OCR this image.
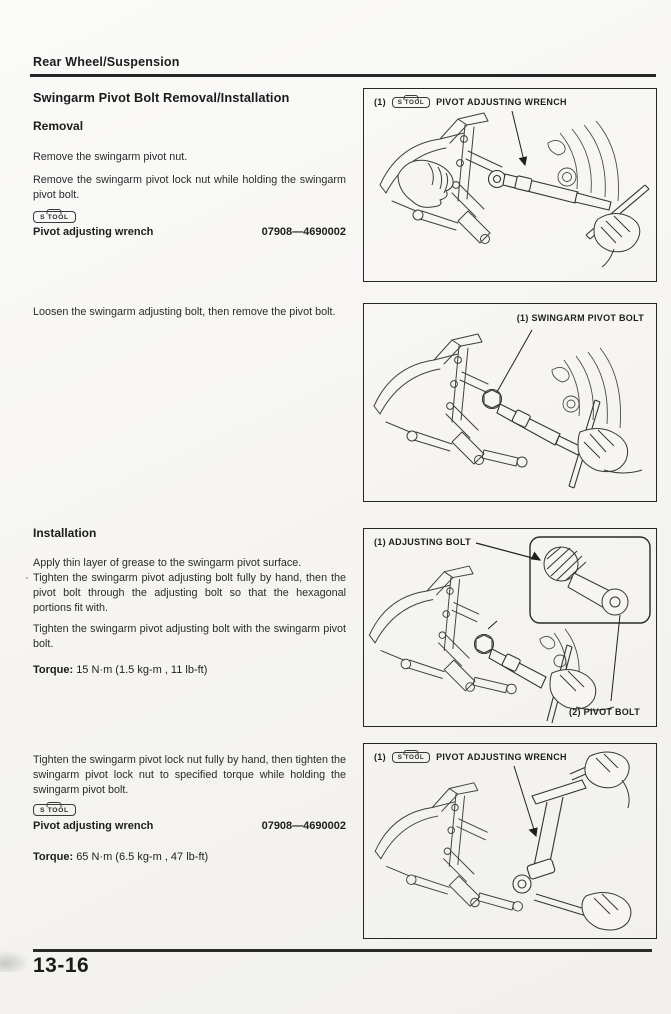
Rear Wheel/Suspension
Swingarm Pivot Bolt Removal/Installation
Removal
Remove the swingarm pivot nut.
Remove the swingarm pivot lock nut while holding the swingarm pivot bolt.
S TOOL
Pivot adjusting wrench	07908—4690002
Loosen the swingarm adjusting bolt, then remove the pivot bolt.
Installation
·
Apply thin layer of grease to the swingarm pivot surface.
Tighten the swingarm pivot adjusting bolt fully by hand, then the pivot bolt through the adjusting bolt so that the hexagonal portions fit with.
Tighten the swingarm pivot adjusting bolt with the swingarm pivot bolt.
Torque: 15 N·m (1.5 kg-m , 11 lb-ft)
Tighten the swingarm pivot lock nut fully by hand, then tighten the swingarm pivot lock nut to specified torque while holding the swingarm pivot bolt.
S TOOL
Pivot adjusting wrench	07908—4690002
Torque: 65 N·m (6.5 kg-m , 47 lb-ft)
(1) S TOOL PIVOT ADJUSTING WRENCH
(1) SWINGARM PIVOT BOLT
(1) ADJUSTING BOLT
(2) PIVOT BOLT
(1) S TOOL PIVOT ADJUSTING WRENCH
13-16
